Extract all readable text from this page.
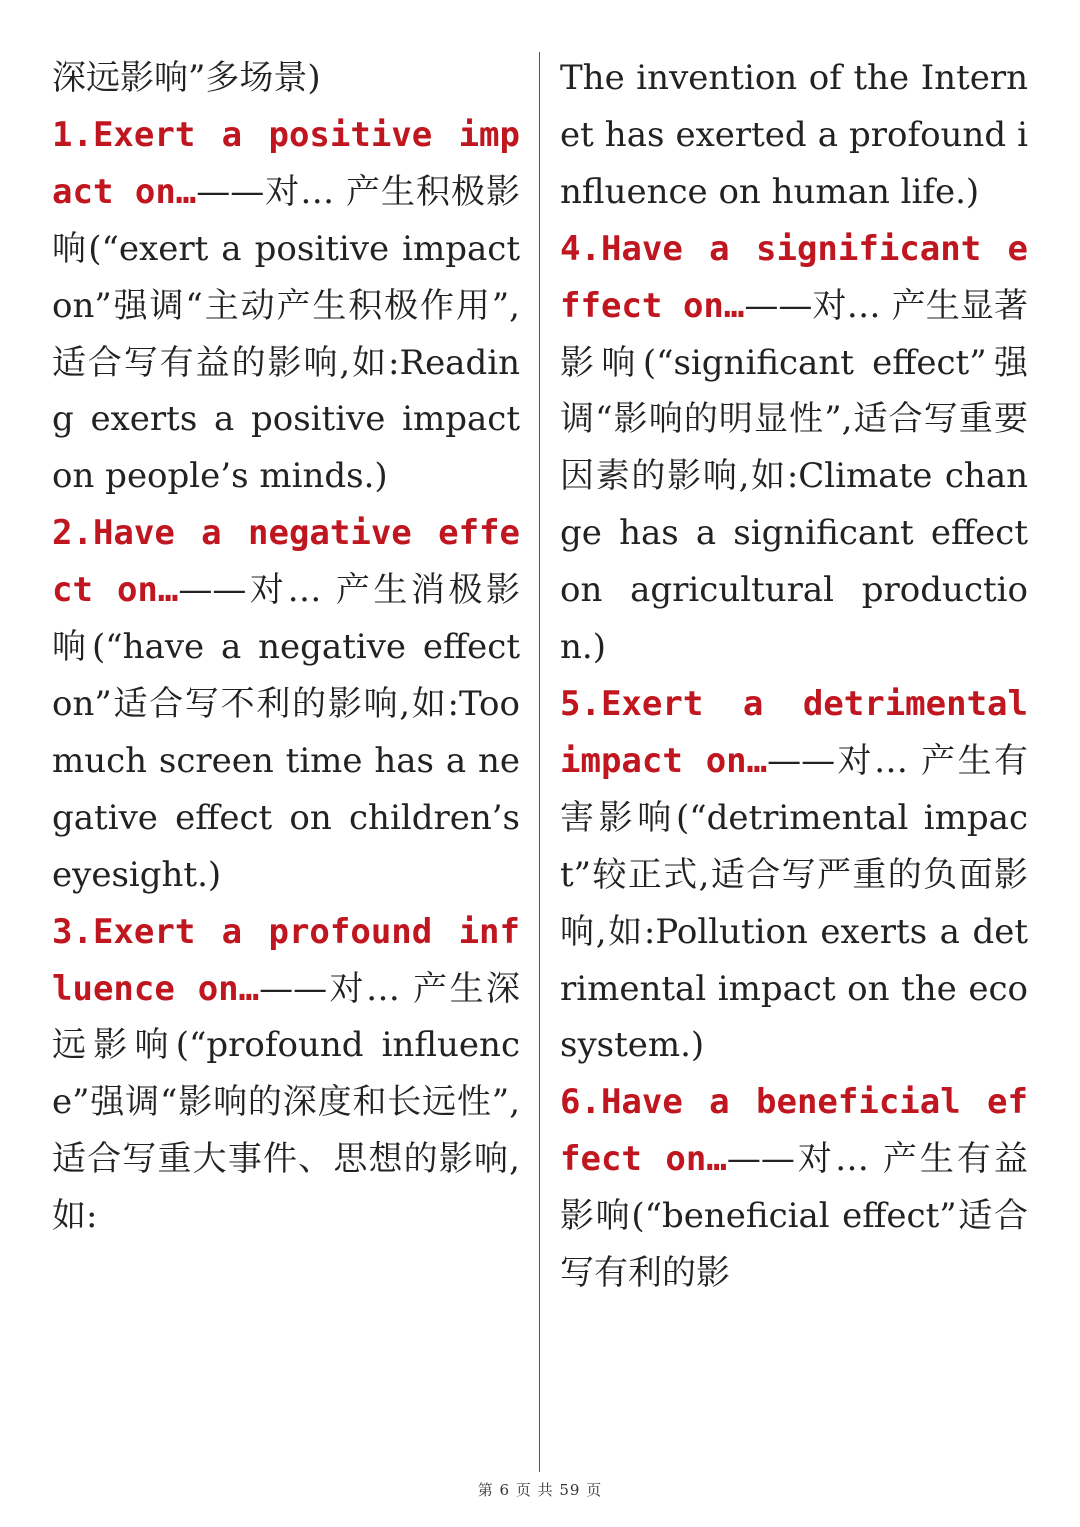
深远影响”多场景)

1.Exert a positive impact on…——对… 产生积极影响(“exert a positive impact on”强调“主动产生积极作用”,适合写有益的影响,如:Reading exerts a positive impact on people’s minds.)

2.Have a negative effect on…——对… 产生消极影响(“have a negative effect on”适合写不利的影响,如:Too much screen time has a negative effect on children’s eyesight.)

3.Exert a profound influence on…——对… 产生深远影响(“profound influence”强调“影响的深度和长远性”,适合写重大事件、思想的影响,如:

The invention of the Internet has exerted a profound influence on human life.)

4.Have a significant effect on…——对… 产生显著影响(“significant effect”强调“影响的明显性”,适合写重要因素的影响,如:Climate change has a significant effect on agricultural production.)

5.Exert a detrimental impact on…——对… 产生有害影响(“detrimental impact”较正式,适合写严重的负面影响,如:Pollution exerts a detrimental impact on the ecosystem.)

6.Have a beneficial effect on…——对… 产生有益影响(“beneficial effect”适合写有利的影

第 6 页 共 59 页
